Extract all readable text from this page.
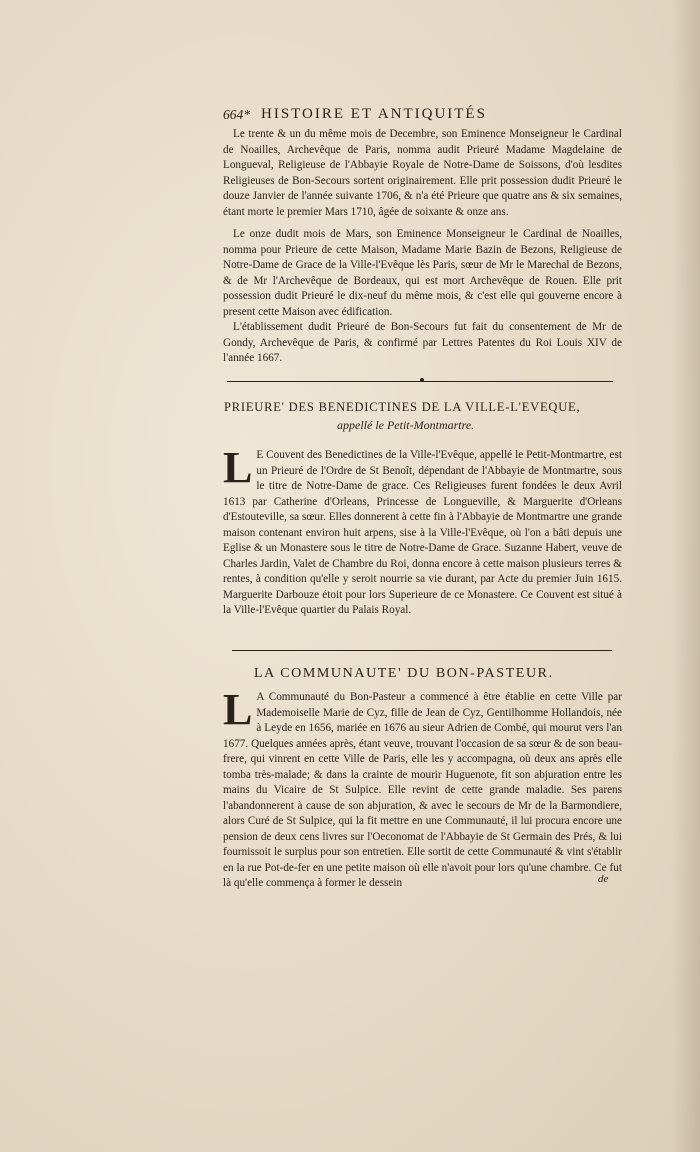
664* HISTOIRE ET ANTIQUITÉS

Le trente & un du même mois de Decembre, son Eminence Monseigneur le Cardinal de Noailles, Archevêque de Paris, nomma audit Prieuré Madame Magdelaine de Longueval, Religieuse de l'Abbayie Royale de Notre-Dame de Soissons, d'où lesdites Religieuses de Bon-Secours sortent originairement. Elle prit possession dudit Prieuré le douze Janvier de l'année suivante 1706, & n'a été Prieure que quatre ans & six semaines, étant morte le premier Mars 1710, âgée de soixante & onze ans.

Le onze dudit mois de Mars, son Eminence Monseigneur le Cardinal de Noailles, nomma pour Prieure de cette Maison, Madame Marie Bazin de Bezons, Religieuse de Notre-Dame de Grace de la Ville-l'Evêque lès Paris, sœur de Mr le Marechal de Bezons, & de Mr l'Archevêque de Bordeaux, qui est mort Archevêque de Rouen. Elle prit possession dudit Prieuré le dix-neuf du même mois, & c'est elle qui gouverne encore à present cette Maison avec édification.

L'établissement dudit Prieuré de Bon-Secours fut fait du consentement de Mr de Gondy, Archevêque de Paris, & confirmé par Lettres Patentes du Roi Louis XIV de l'année 1667.

PRIEURE' DES BENEDICTINES DE LA VILLE-L'EVEQUE,
appellé le Petit-Montmartre.

L E Couvent des Benedictines de la Ville-l'Evêque, appellé le Petit-Montmartre, est un Prieuré de l'Ordre de St Benoît, dépendant de l'Abbayie de Montmartre, sous le titre de Notre-Dame de grace. Ces Religieuses furent fondées le deux Avril 1613 par Catherine d'Orleans, Princesse de Longueville, & Marguerite d'Orleans d'Estouteville, sa sœur. Elles donnerent à cette fin à l'Abbayie de Montmartre une grande maison contenant environ huit arpens, sise à la Ville-l'Evêque, où l'on a bâti depuis une Eglise & un Monastere sous le titre de Notre-Dame de Grace. Suzanne Habert, veuve de Charles Jardin, Valet de Chambre du Roi, donna encore à cette maison plusieurs terres & rentes, à condition qu'elle y seroit nourrie sa vie durant, par Acte du premier Juin 1615. Marguerite Darbouze étoit pour lors Superieure de ce Monastere. Ce Couvent est situé à la Ville-l'Evêque quartier du Palais Royal.

LA COMMUNAUTE' DU BON-PASTEUR.

L A Communauté du Bon-Pasteur a commencé à être établie en cette Ville par Mademoiselle Marie de Cyz, fille de Jean de Cyz, Gentilhomme Hollandois, née à Leyde en 1656, mariée en 1676 au sieur Adrien de Combé, qui mourut vers l'an 1677. Quelques années après, étant veuve, trouvant l'occasion de sa sœur & de son beau-frere, qui vinrent en cette Ville de Paris, elle les y accompagna, où deux ans après elle tomba très-malade; & dans la crainte de mourir Huguenote, fit son abjuration entre les mains du Vicaire de St Sulpice. Elle revint de cette grande maladie. Ses parens l'abandonnerent à cause de son abjuration, & avec le secours de Mr de la Barmondiere, alors Curé de St Sulpice, qui la fit mettre en une Communauté, il lui procura encore une pension de deux cens livres sur l'Oeconomat de l'Abbayie de St Germain des Prés, & lui fournissoit le surplus pour son entretien. Elle sortit de cette Communauté & vint s'établir en la rue Pot-de-fer en une petite maison où elle n'avoit pour lors qu'une chambre. Ce fut là qu'elle commença à former le dessein	de
